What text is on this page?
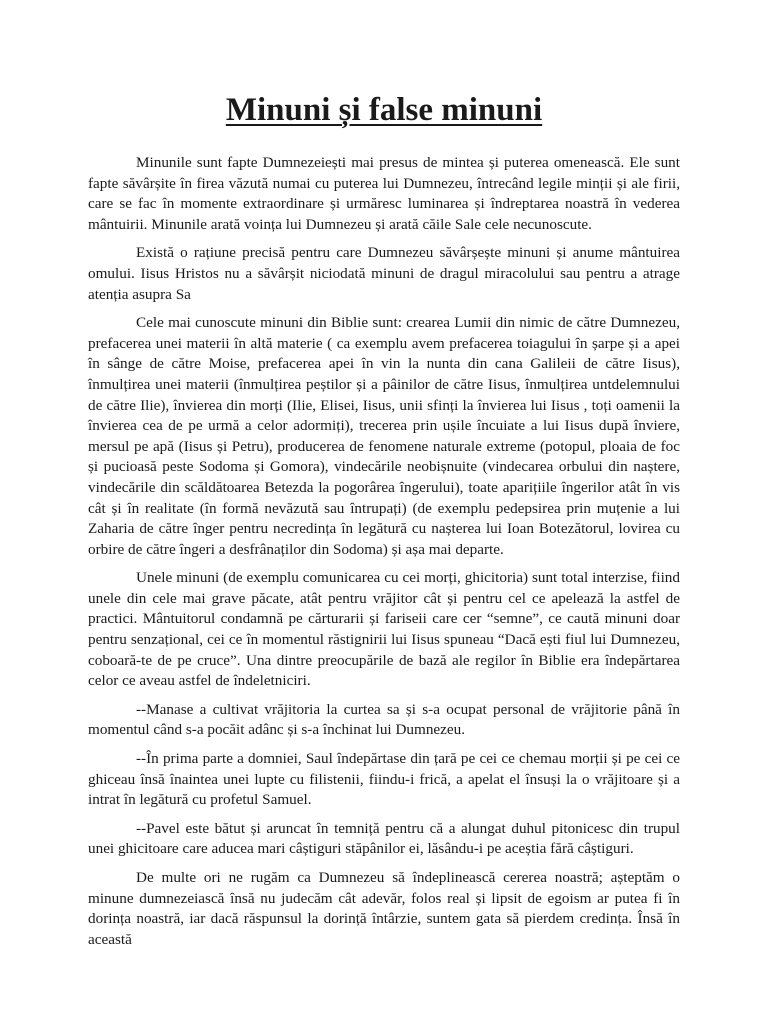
Minuni și false minuni

Minunile sunt fapte Dumnezeiești mai presus de mintea și puterea omenească. Ele sunt fapte săvârșite în firea văzută numai cu puterea lui Dumnezeu, întrecând legile minții și ale firii, care se fac în momente extraordinare și urmăresc luminarea și îndreptarea noastră în vederea mântuirii. Minunile arată voința lui Dumnezeu și arată căile Sale cele necunoscute.

Există o rațiune precisă pentru care Dumnezeu săvârșește minuni și anume mântuirea omului. Iisus Hristos nu a săvârșit niciodată minuni de dragul miracolului sau pentru a atrage atenția asupra Sa

Cele mai cunoscute minuni din Biblie sunt: crearea Lumii din nimic de către Dumnezeu, prefacerea unei materii în altă materie ( ca exemplu avem prefacerea toiagului în șarpe și a apei în sânge de către Moise, prefacerea apei în vin la nunta din cana Galileii de către Iisus), înmulțirea unei materii (înmulțirea peștilor și a pâinilor de către Iisus, înmulțirea untdelemnului de către Ilie), învierea din morți (Ilie, Elisei, Iisus, unii sfinți la învierea lui Iisus , toți oamenii la învierea cea de pe urmă a celor adormiți), trecerea prin ușile încuiate a lui Iisus după înviere, mersul pe apă (Iisus și Petru), producerea de fenomene naturale extreme (potopul, ploaia de foc și pucioasă peste Sodoma și Gomora), vindecările neobișnuite (vindecarea orbului din naștere, vindecările din scăldătoarea Betezda la pogorârea îngerului), toate aparițiile îngerilor atât în vis cât și în realitate (în formă nevăzută sau întrupați) (de exemplu pedepsirea prin muțenie a lui Zaharia de către înger pentru necredința în legătură cu nașterea lui Ioan Botezătorul, lovirea cu orbire de către îngeri a desfrânaților din Sodoma) și așa mai departe.

Unele minuni (de exemplu comunicarea cu cei morți, ghicitoria) sunt total interzise, fiind unele din cele mai grave păcate, atât pentru vrăjitor cât și pentru cel ce apelează la astfel de practici. Mântuitorul condamnă pe cărturarii și farisеii care cer “semne”, ce caută minuni doar pentru senzațional, cei ce în momentul răstignirii lui Iisus spuneau “Dacă ești fiul lui Dumnezeu, coboară-te de pe cruce”. Una dintre preocupările de bază ale regilor în Biblie era îndepărtarea celor ce aveau astfel de îndeletniciri.

--Manase a cultivat vrăjitoria la curtea sa și s-a ocupat personal de vrăjitorie până în momentul când s-a pocăit adânc și s-a închinat lui Dumnezeu.

--În prima parte a domniei, Saul îndepărtase din țară pe cei ce chemau morții și pe cei ce ghiceau însă înaintea unei lupte cu filistenii, fiindu-i frică, a apelat el însuși la o vrăjitoare și a intrat în legătură cu profetul Samuel.

--Pavel este bătut și aruncat în temniță pentru că a alungat duhul pitonicesc din trupul unei ghicitoare care aducea mari câștiguri stăpânilor ei, lăsându-i pe aceștia fără câștiguri.

De multe ori ne rugăm ca Dumnezeu să îndeplinească cererea noastră; așteptăm o minune dumnezeiască însă nu judecăm cât adevăr, folos real și lipsit de egoism ar putea fi în dorința noastră, iar dacă răspunsul la dorință întârzie, suntem gata să pierdem credința. Însă în această
